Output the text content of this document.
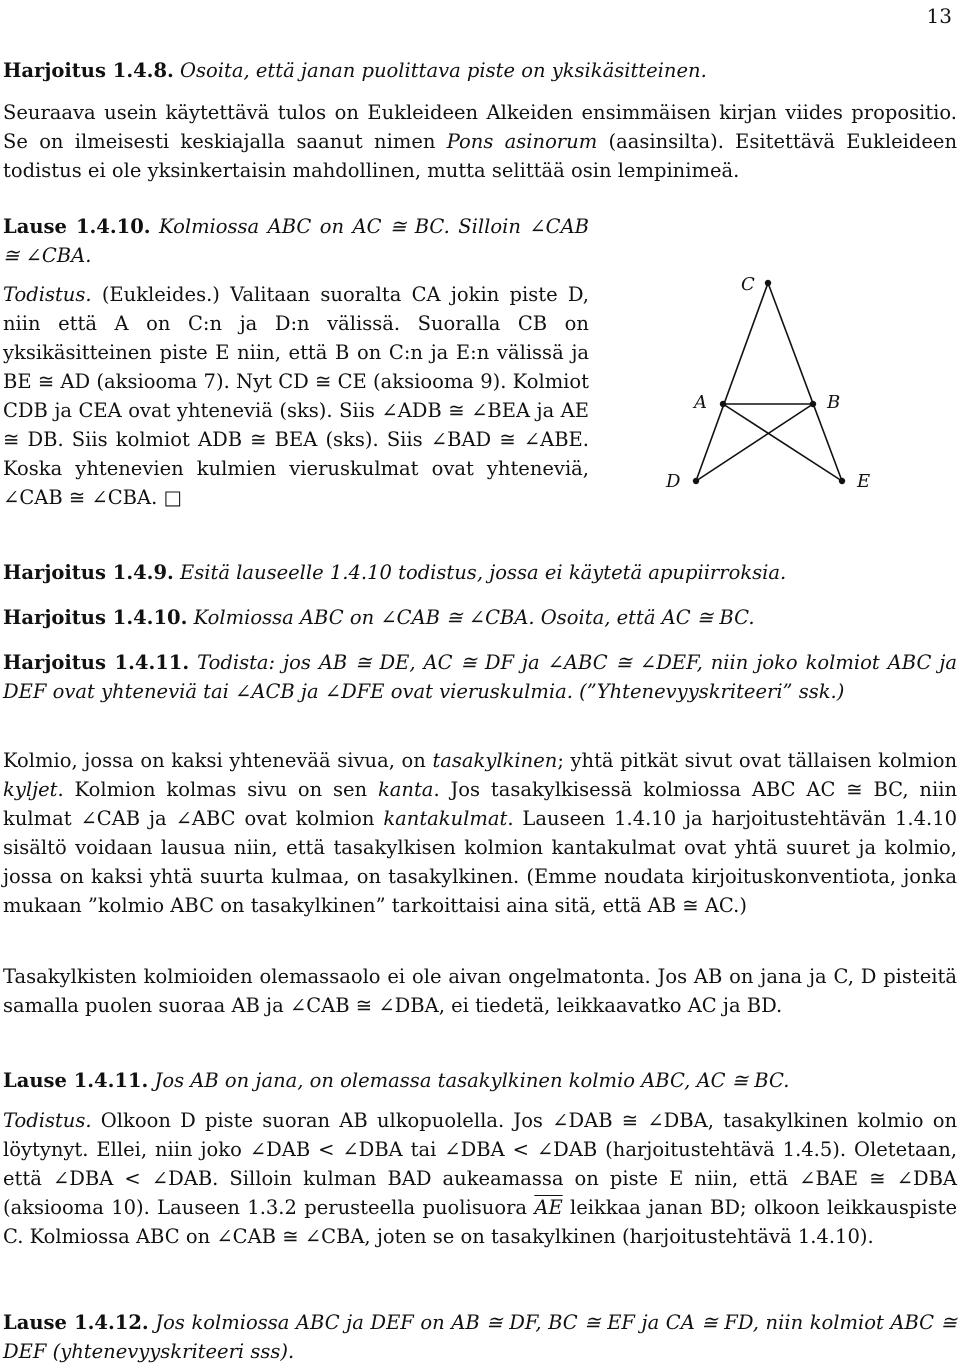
13

Harjoitus 1.4.8. Osoita, että janan puolittava piste on yksikäsitteinen.

Seuraava usein käytettävä tulos on Eukleideen Alkeiden ensimmäisen kirjan viides propositio. Se on ilmeisesti keskiajalla saanut nimen Pons asinorum (aasinsilta). Esitettävä Eukleideen todistus ei ole yksinkertaisin mahdollinen, mutta selittää osin lempinimeä.

Lause 1.4.10. Kolmiossa ABC on AC ≅ BC. Silloin ∠CAB ≅ ∠CBA.

Todistus. (Eukleides.) Valitaan suoralta CA jokin piste D, niin että A on C:n ja D:n välissä. Suoralla CB on yksikäsitteinen piste E niin, että B on C:n ja E:n välissä ja BE ≅ AD (aksiooma 7). Nyt CD ≅ CE (aksiooma 9). Kolmiot CDB ja CEA ovat yhteneviä (sks). Siis ∠ADB ≅ ∠BEA ja AE ≅ DB. Siis kolmiot ADB ≅ BEA (sks). Siis ∠BAD ≅ ∠ABE. Koska yhtenevien kulmien vieruskulmat ovat yhteneviä, ∠CAB ≅ ∠CBA. □

C
A	B
D	E

Harjoitus 1.4.9. Esitä lauseelle 1.4.10 todistus, jossa ei käytetä apupiirroksia.

Harjoitus 1.4.10. Kolmiossa ABC on ∠CAB ≅ ∠CBA. Osoita, että AC ≅ BC.

Harjoitus 1.4.11. Todista: jos AB ≅ DE, AC ≅ DF ja ∠ABC ≅ ∠DEF, niin joko kolmiot ABC ja DEF ovat yhteneviä tai ∠ACB ja ∠DFE ovat vieruskulmia. (”Yhtenevyyskriteeri” ssk.)

Kolmio, jossa on kaksi yhtenevää sivua, on tasakylkinen; yhtä pitkät sivut ovat tällaisen kolmion kyljet. Kolmion kolmas sivu on sen kanta. Jos tasakylkisessä kolmiossa ABC AC ≅ BC, niin kulmat ∠CAB ja ∠ABC ovat kolmion kantakulmat. Lauseen 1.4.10 ja harjoitustehtävän 1.4.10 sisältö voidaan lausua niin, että tasakylkisen kolmion kantakulmat ovat yhtä suuret ja kolmio, jossa on kaksi yhtä suurta kulmaa, on tasakylkinen. (Emme noudata kirjoituskonventiota, jonka mukaan ”kolmio ABC on tasakylkinen” tarkoittaisi aina sitä, että AB ≅ AC.)

Tasakylkisten kolmioiden olemassaolo ei ole aivan ongelmatonta. Jos AB on jana ja C, D pisteitä samalla puolen suoraa AB ja ∠CAB ≅ ∠DBA, ei tiedetä, leikkaavatko AC ja BD.

Lause 1.4.11. Jos AB on jana, on olemassa tasakylkinen kolmio ABC, AC ≅ BC.

Todistus. Olkoon D piste suoran AB ulkopuolella. Jos ∠DAB ≅ ∠DBA, tasakylkinen kolmio on löytynyt. Ellei, niin joko ∠DAB < ∠DBA tai ∠DBA < ∠DAB (harjoitustehtävä 1.4.5). Oletetaan, että ∠DBA < ∠DAB. Silloin kulman BAD aukeamassa on piste E niin, että ∠BAE ≅ ∠DBA (aksiooma 10). Lauseen 1.3.2 perusteella puolisuora $\overline{AE}$ leikkaa janan BD; olkoon leikkauspiste C. Kolmiossa ABC on ∠CAB ≅ ∠CBA, joten se on tasakylkinen (harjoitustehtävä 1.4.10).

Lause 1.4.12. Jos kolmiossa ABC ja DEF on AB ≅ DF, BC ≅ EF ja CA ≅ FD, niin kolmiot ABC ≅ DEF (yhtenevyyskriteeri sss).
